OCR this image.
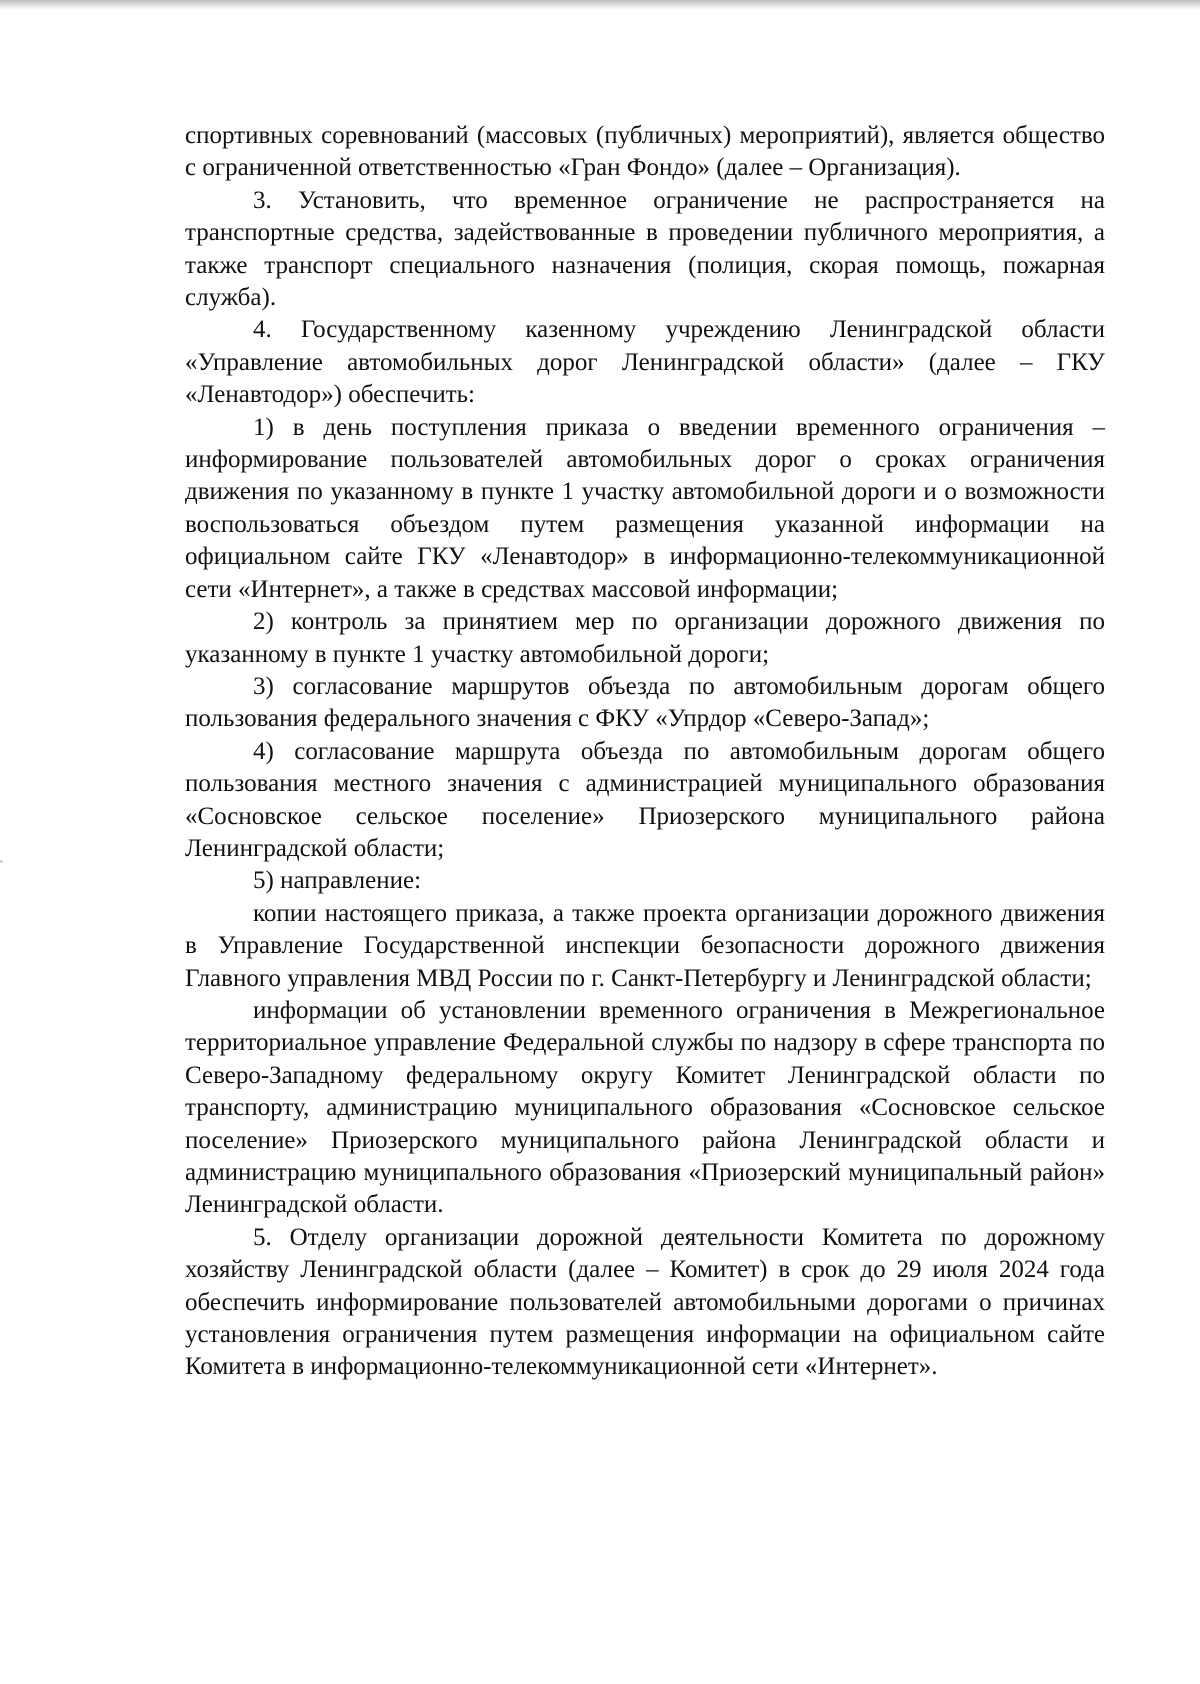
спортивных соревнований (массовых (публичных) мероприятий), является общество с ограниченной ответственностью «Гран Фондо» (далее – Организация).

3. Установить, что временное ограничение не распространяется на транспортные средства, задействованные в проведении публичного мероприятия, а также транспорт специального назначения (полиция, скорая помощь, пожарная служба).

4. Государственному казенному учреждению Ленинградской области «Управление автомобильных дорог Ленинградской области» (далее – ГКУ «Ленавтодор») обеспечить:

1) в день поступления приказа о введении временного ограничения – информирование пользователей автомобильных дорог о сроках ограничения движения по указанному в пункте 1 участку автомобильной дороги и о возможности воспользоваться объездом путем размещения указанной информации на официальном сайте ГКУ «Ленавтодор» в информационно-телекоммуникационной сети «Интернет», а также в средствах массовой информации;

2) контроль за принятием мер по организации дорожного движения по указанному в пункте 1 участку автомобильной дороги;

3) согласование маршрутов объезда по автомобильным дорогам общего пользования федерального значения с ФКУ «Упрдор «Северо-Запад»;

4) согласование маршрута объезда по автомобильным дорогам общего пользования местного значения с администрацией муниципального образования «Сосновское сельское поселение» Приозерского муниципального района Ленинградской области;

5) направление:

копии настоящего приказа, а также проекта организации дорожного движения в Управление Государственной инспекции безопасности дорожного движения Главного управления МВД России по г. Санкт-Петербургу и Ленинградской области;

информации об установлении временного ограничения в Межрегиональное территориальное управление Федеральной службы по надзору в сфере транспорта по Северо-Западному федеральному округу Комитет Ленинградской области по транспорту, администрацию муниципального образования «Сосновское сельское поселение» Приозерского муниципального района Ленинградской области и администрацию муниципального образования «Приозерский муниципальный район» Ленинградской области.

5. Отделу организации дорожной деятельности Комитета по дорожному хозяйству Ленинградской области (далее – Комитет) в срок до 29 июля 2024 года обеспечить информирование пользователей автомобильными дорогами о причинах установления ограничения путем размещения информации на официальном сайте Комитета в информационно-телекоммуникационной сети «Интернет».
